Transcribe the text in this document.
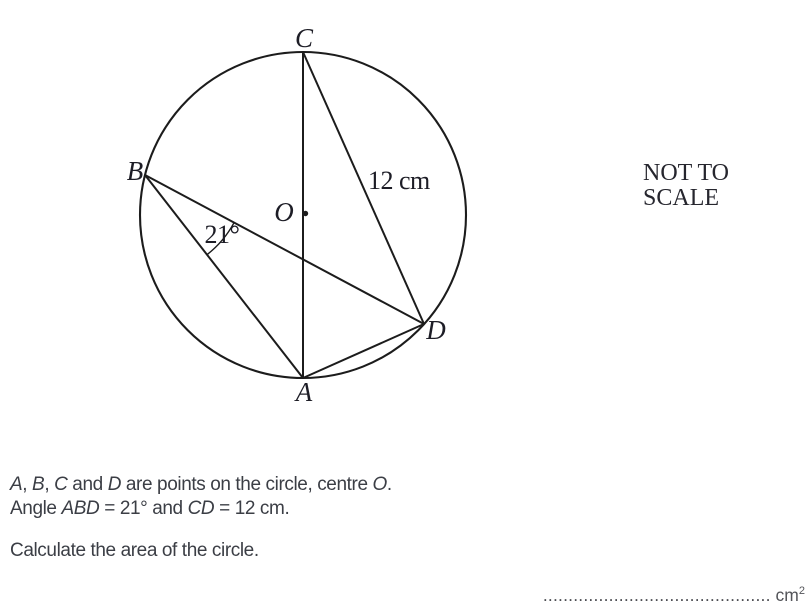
C
B
O
D
A
21°
12 cm	NOT TO
SCALE
A, B, C and D are points on the circle, centre O.
Angle ABD = 21° and CD = 12 cm.
Calculate the area of the circle.
............................................. $cm^2$
